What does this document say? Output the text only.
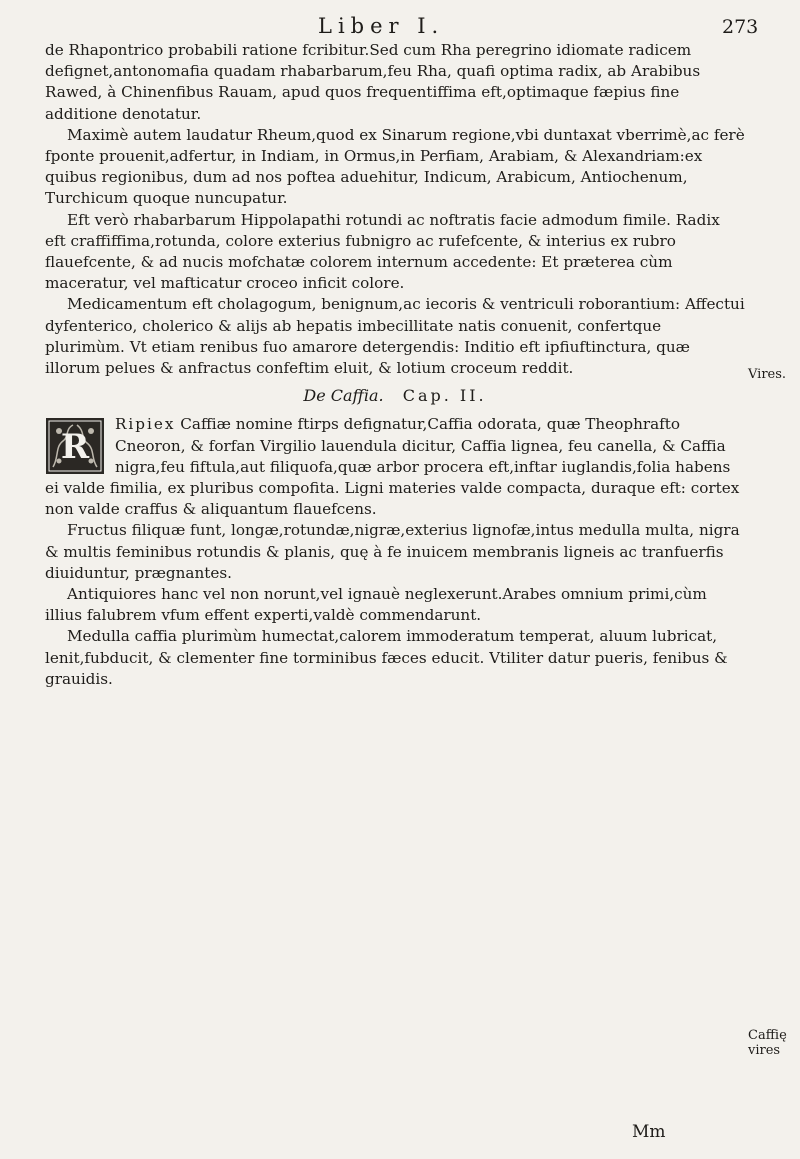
Liber I.	273

de Rhapontrico probabili ratione fcribitur.Sed cum Rha peregrino idiomate radicem defignet,antonomafia quadam rhabarbarum,feu Rha, quafi optima radix, ab Arabibus Rawed, à Chinenfibus Rauam, apud quos frequentiffima eft,optimaque fæpius fine additione denotatur.

Maximè autem laudatur Rheum,quod ex Sinarum regione,vbi duntaxat vberrimè,ac ferè fponte prouenit,adfertur, in Indiam, in Ormus,in Perfiam, Arabiam, & Alexandriam:ex quibus regionibus, dum ad nos poftea aduehitur, Indicum, Arabicum, Antiochenum, Turchicum quoque nuncupatur.

Eft verò rhabarbarum Hippolapathi rotundi ac noftratis facie admodum fimile. Radix eft craffiffima,rotunda, colore exterius fubnigro ac rufefcente, & interius ex rubro flauefcente, & ad nucis mofchatæ colorem internum accedente: Et præterea cùm maceratur, vel mafticatur croceo inficit colore.

Medicamentum eft cholagogum, benignum,ac iecoris & ventriculi roborantium: Affectui dyfenterico, cholerico & alijs ab hepatis imbecillitate natis conuenit, confertque plurimùm. Vt etiam renibus fuo amarore detergendis: Inditio eft ipfiuftinctura, quæ illorum pelues & anfractus confeftim eluit, & lotium croceum reddit.

De Caffia. Cap. II.

R

Ripiex Caffiæ nomine ftirps defignatur,Caffia odorata, quæ Theophrafto Cneoron, & forfan Virgilio lauendula dicitur, Caffia lignea, feu canella, & Caffia nigra,feu fiftula,aut filiquofa,quæ arbor procera eft,inftar iuglandis,folia habens ei valde fimilia, ex pluribus compofita. Ligni materies valde compacta, duraque eft: cortex non valde craffus & aliquantum flauefcens.

Fructus filiquæ funt, longæ,rotundæ,nigræ,exterius lignofæ,intus medulla multa, nigra & multis feminibus rotundis & planis, quę à fe inuicem membranis ligneis ac tranfuerfis diuiduntur, prægnantes.

Antiquiores hanc vel non norunt,vel ignauè neglexerunt.Arabes omnium primi,cùm illius falubrem vfum effent experti,valdè commendarunt.

Medulla caffia plurimùm humectat,calorem immoderatum temperat, aluum lubricat, lenit,fubducit, & clementer fine torminibus fæces educit. Vtiliter datur pueris, fenibus & grauidis.

Vires.
Caffię vires
Mm
